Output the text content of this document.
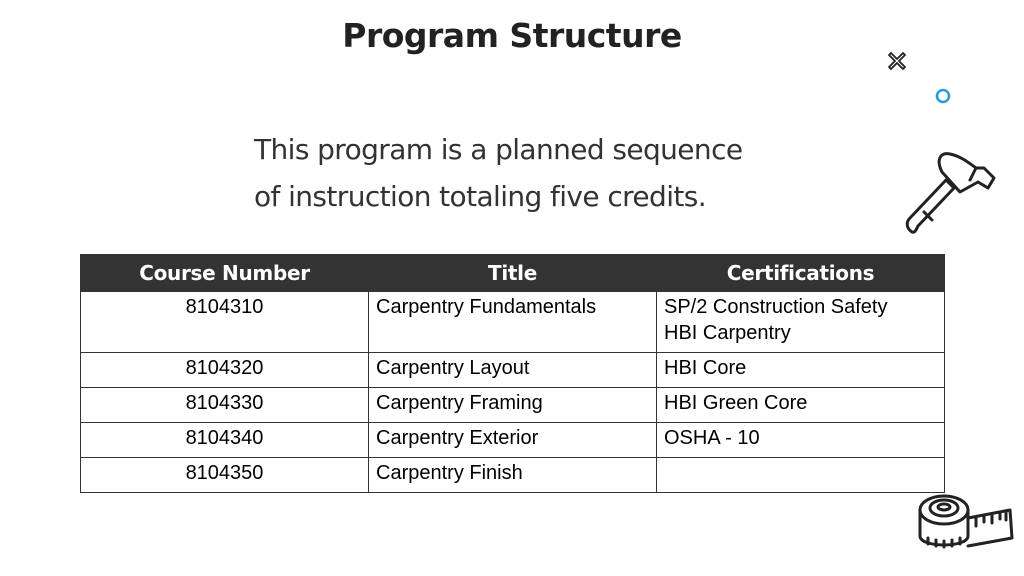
Program Structure

This program is a planned sequence
of instruction totaling five credits.

Course Number	Title	Certifications
8104310	Carpentry Fundamentals	SP/2 Construction Safety
HBI Carpentry

8104320	Carpentry Layout	HBI Core

8104330	Carpentry Framing	HBI Green Core

8104340	Carpentry Exterior	OSHA - 10

8104350	Carpentry Finish	
